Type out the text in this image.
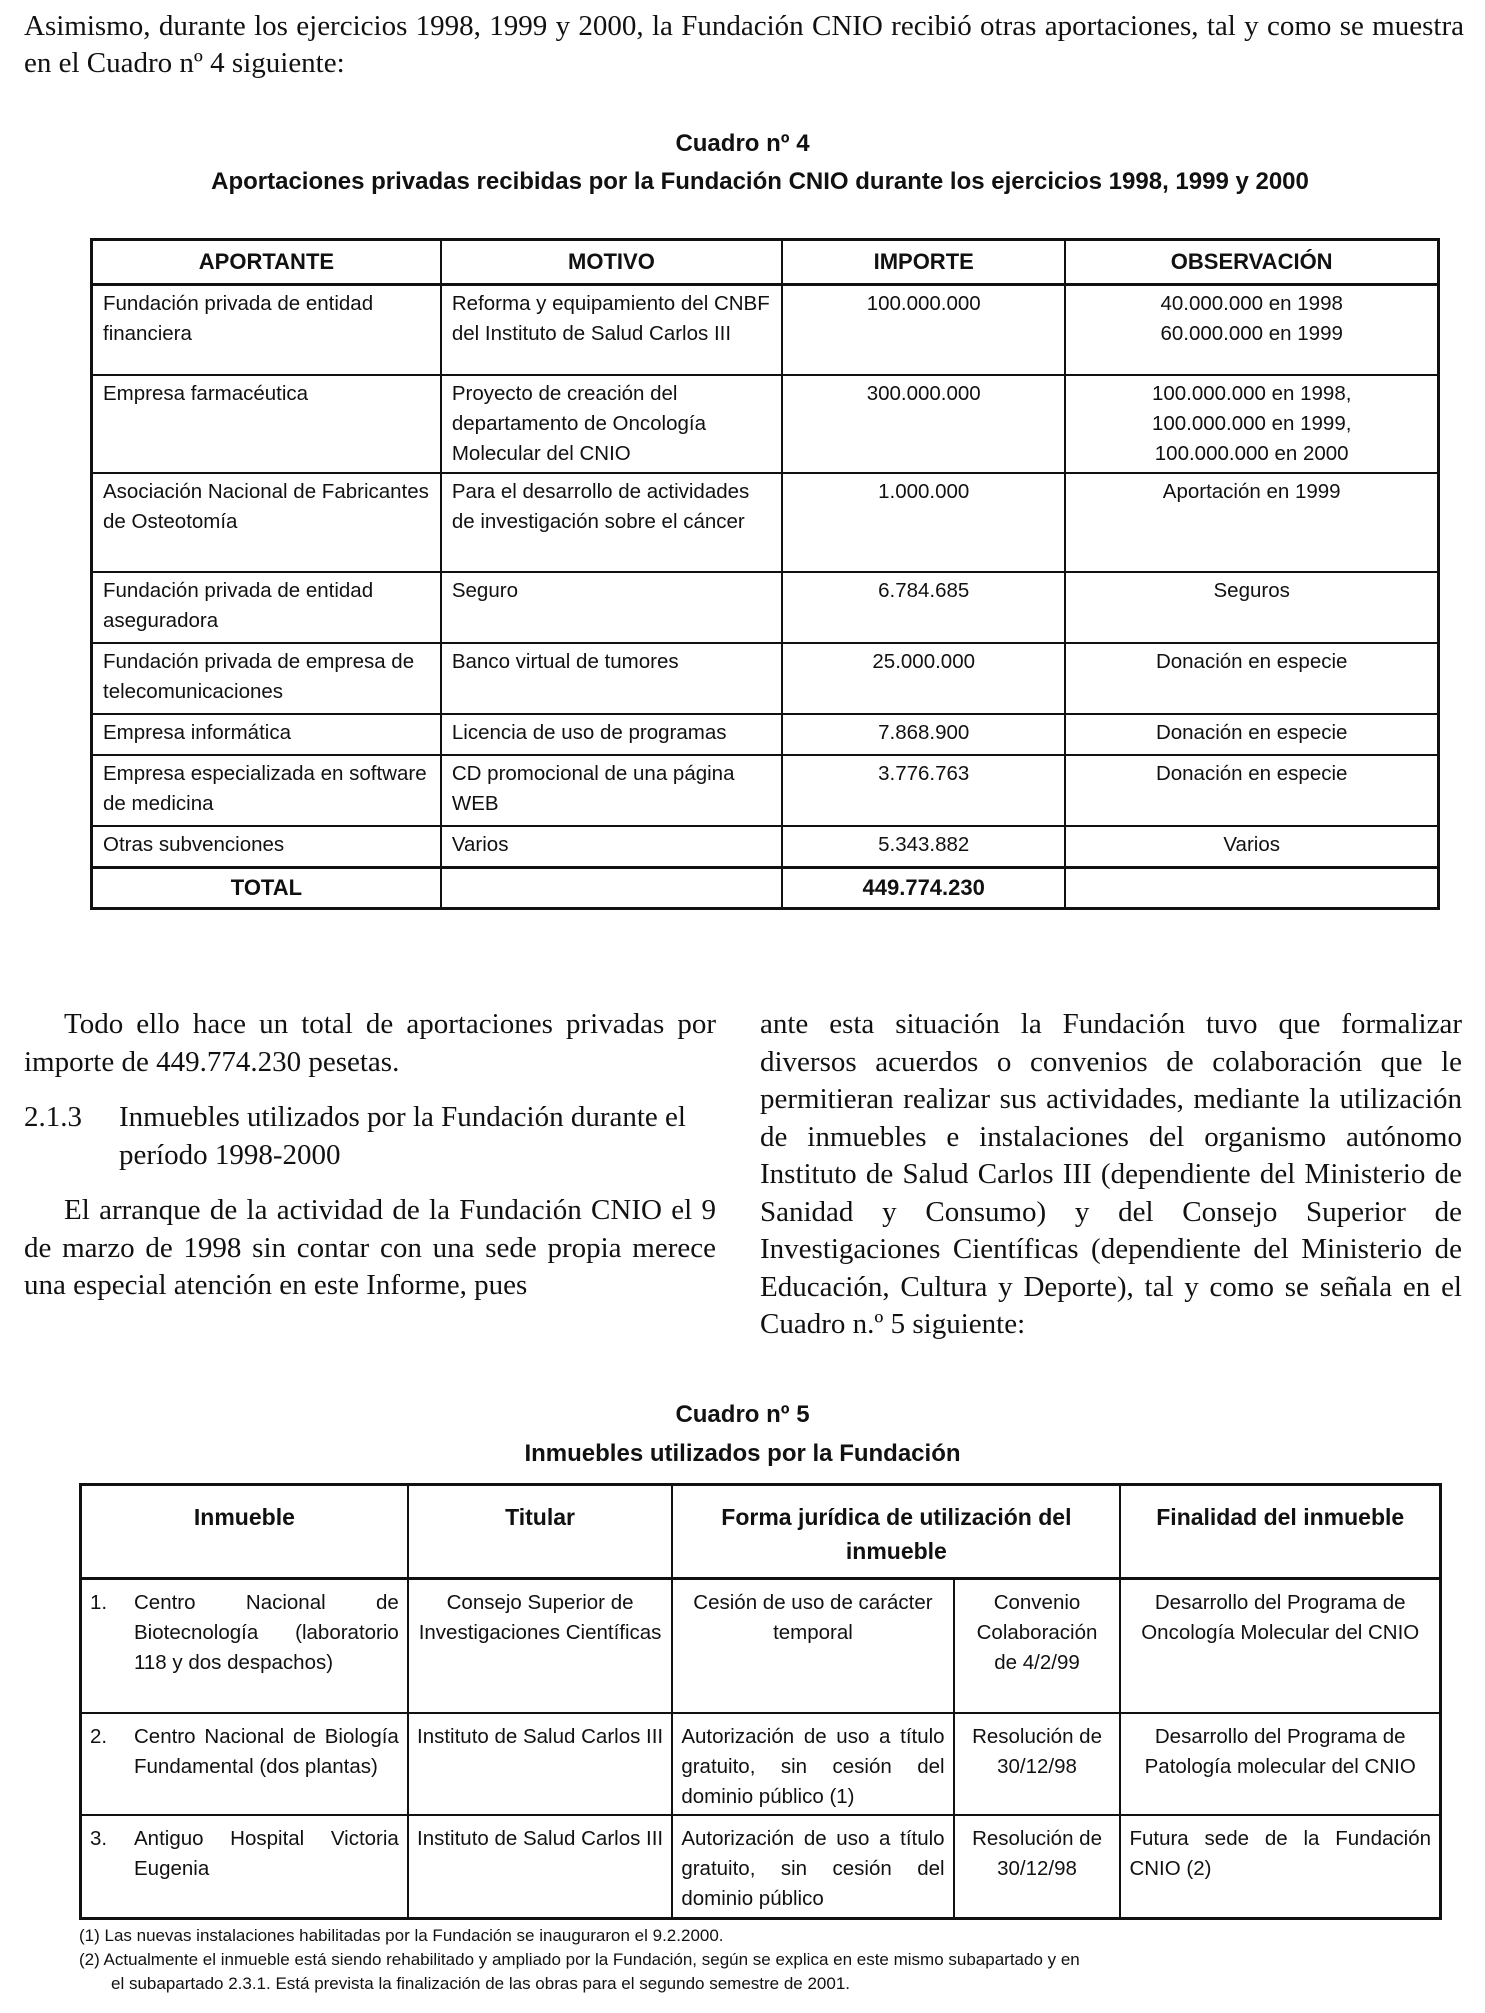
Asimismo, durante los ejercicios 1998, 1999 y 2000, la Fundación CNIO recibió otras aportaciones, tal y como se muestra en el Cuadro nº 4 siguiente:
Cuadro nº 4
Aportaciones privadas recibidas por la Fundación CNIO durante los ejercicios 1998, 1999 y 2000
APORTANTE	MOTIVO	IMPORTE	OBSERVACIÓN
Fundación privada de entidad financiera	Reforma y equipamiento del CNBF del Instituto de Salud Carlos III	100.000.000	40.000.000 en 1998
60.000.000 en 1999

Empresa farmacéutica	Proyecto de creación del departamento de Oncología Molecular del CNIO	300.000.000	100.000.000 en 1998,
100.000.000 en 1999,
100.000.000 en 2000

Asociación Nacional de Fabricantes de Osteotomía	Para el desarrollo de actividades de investigación sobre el cáncer	1.000.000	Aportación en 1999
Fundación privada de entidad aseguradora	Seguro	6.784.685	Seguros
Fundación privada de empresa de telecomunicaciones	Banco virtual de tumores	25.000.000	Donación en especie
Empresa informática	Licencia de uso de programas	7.868.900	Donación en especie
Empresa especializada en software de medicina	CD promocional de una página WEB	3.776.763	Donación en especie
Otras subvenciones	Varios	5.343.882	Varios
TOTAL		449.774.230	

Todo ello hace un total de aportaciones privadas por importe de 449.774.230 pesetas.

2.1.3	Inmuebles utilizados por la Fundación durante el período 1998-2000

El arranque de la actividad de la Fundación CNIO el 9 de marzo de 1998 sin contar con una sede propia merece una especial atención en este Informe, pues

ante esta situación la Fundación tuvo que formalizar diversos acuerdos o convenios de colaboración que le permitieran realizar sus actividades, mediante la utilización de inmuebles e instalaciones del organismo autónomo Instituto de Salud Carlos III (dependiente del Ministerio de Sanidad y Consumo) y del Consejo Superior de Investigaciones Científicas (dependiente del Ministerio de Educación, Cultura y Deporte), tal y como se señala en el Cuadro n.º 5 siguiente:

Cuadro nº 5
Inmuebles utilizados por la Fundación
Inmueble	Titular	Forma jurídica de utilización del inmueble		Finalidad del inmueble

1. Centro Nacional de Biotecnología (laboratorio 118 y dos despachos)	Consejo Superior de Investigaciones Científicas	Cesión de uso de carácter temporal	Convenio Colaboración de 4/2/99	Desarrollo del Programa de Oncología Molecular del CNIO

2. Centro Nacional de Biología Fundamental (dos plantas)	Instituto de Salud Carlos III	Autorización de uso a título gratuito, sin cesión del dominio público (1)	Resolución de 30/12/98	Desarrollo del Programa de Patología molecular del CNIO

3. Antiguo Hospital Victoria Eugenia	Instituto de Salud Carlos III	Autorización de uso a título gratuito, sin cesión del dominio público	Resolución de 30/12/98	Futura sede de la Fundación CNIO (2)

(1) Las nuevas instalaciones habilitadas por la Fundación se inauguraron el 9.2.2000.

(2) Actualmente el inmueble está siendo rehabilitado y ampliado por la Fundación, según se explica en este mismo subapartado y en

el subapartado 2.3.1. Está prevista la finalización de las obras para el segundo semestre de 2001.
